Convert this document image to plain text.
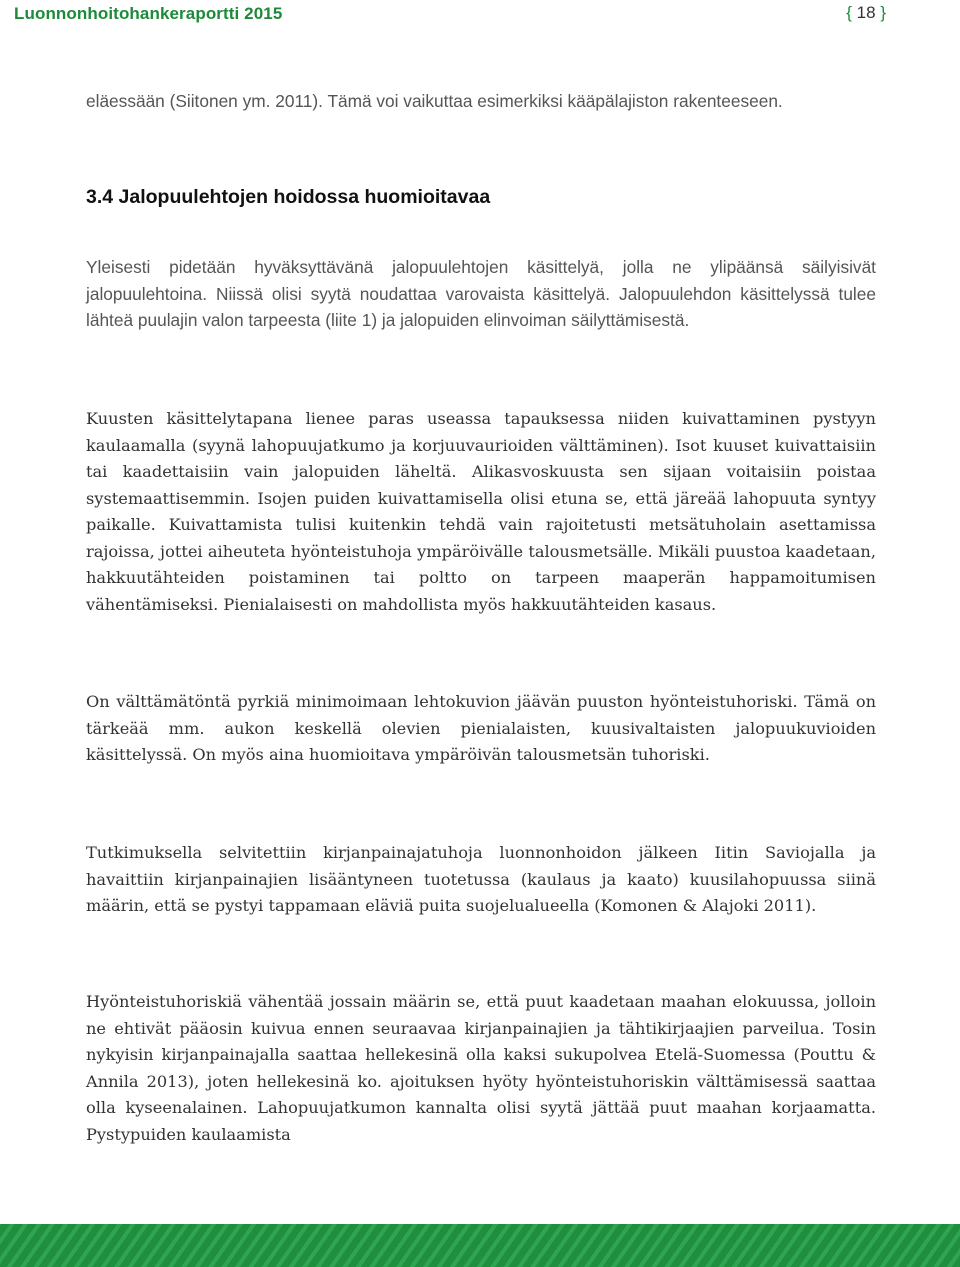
Luonnonhoitohankeraportti 2015	{ 18 }

eläessään (Siitonen ym. 2011). Tämä voi vaikuttaa esimerkiksi kääpälajiston rakenteeseen.

3.4 Jalopuulehtojen hoidossa huomioitavaa

Yleisesti pidetään hyväksyttävänä jalopuulehtojen käsittelyä, jolla ne ylipäänsä säilyisivät jalopuulehtoina. Niissä olisi syytä noudattaa varovaista käsittelyä. Jalopuulehdon käsittelyssä tulee lähteä puulajin valon tarpeesta (liite 1) ja jalopuiden elinvoiman säilyttämisestä.

Kuusten käsittelytapana lienee paras useassa tapauksessa niiden kuivattaminen pystyyn kaulaamalla (syynä lahopuujatkumo ja korjuuvaurioiden välttäminen). Isot kuuset kuivattaisiin tai kaadettaisiin vain jalopuiden läheltä. Alikasvoskuusta sen sijaan voitaisiin poistaa systemaattisemmin. Isojen puiden kuivattamisella olisi etuna se, että järeää lahopuuta syntyy paikalle. Kuivattamista tulisi kuitenkin tehdä vain rajoitetusti metsätuholain asettamissa rajoissa, jottei aiheuteta hyönteistuhoja ympäröivälle talousmetsälle. Mikäli puustoa kaadetaan, hakkuutähteiden poistaminen tai poltto on tarpeen maaperän happamoitumisen vähentämiseksi. Pienialaisesti on mahdollista myös hakkuutähteiden kasaus.

On välttämätöntä pyrkiä minimoimaan lehtokuvion jäävän puuston hyönteistuhoriski. Tämä on tärkeää mm. aukon keskellä olevien pienialaisten, kuusivaltaisten jalopuukuvioiden käsittelyssä. On myös aina huomioitava ympäröivän talousmetsän tuhoriski.

Tutkimuksella selvitettiin kirjanpainajatuhoja luonnonhoidon jälkeen Iitin Saviojalla ja havaittiin kirjanpainajien lisääntyneen tuotetussa (kaulaus ja kaato) kuusilahopuussa siinä määrin, että se pystyi tappamaan eläviä puita suojelualueella (Komonen & Alajoki 2011).

Hyönteistuhoriskiä vähentää jossain määrin se, että puut kaadetaan maahan elokuussa, jolloin ne ehtivät pääosin kuivua ennen seuraavaa kirjanpainajien ja tähtikirjaajien parveilua. Tosin nykyisin kirjanpainajalla saattaa hellekesinä olla kaksi sukupolvea Etelä-Suomessa (Pouttu & Annila 2013), joten hellekesinä ko. ajoituksen hyöty hyönteistuhoriskin välttämisessä saattaa olla kyseenalainen. Lahopuujatkumon kannalta olisi syytä jättää puut maahan korjaamatta. Pystypuiden kaulaamista
